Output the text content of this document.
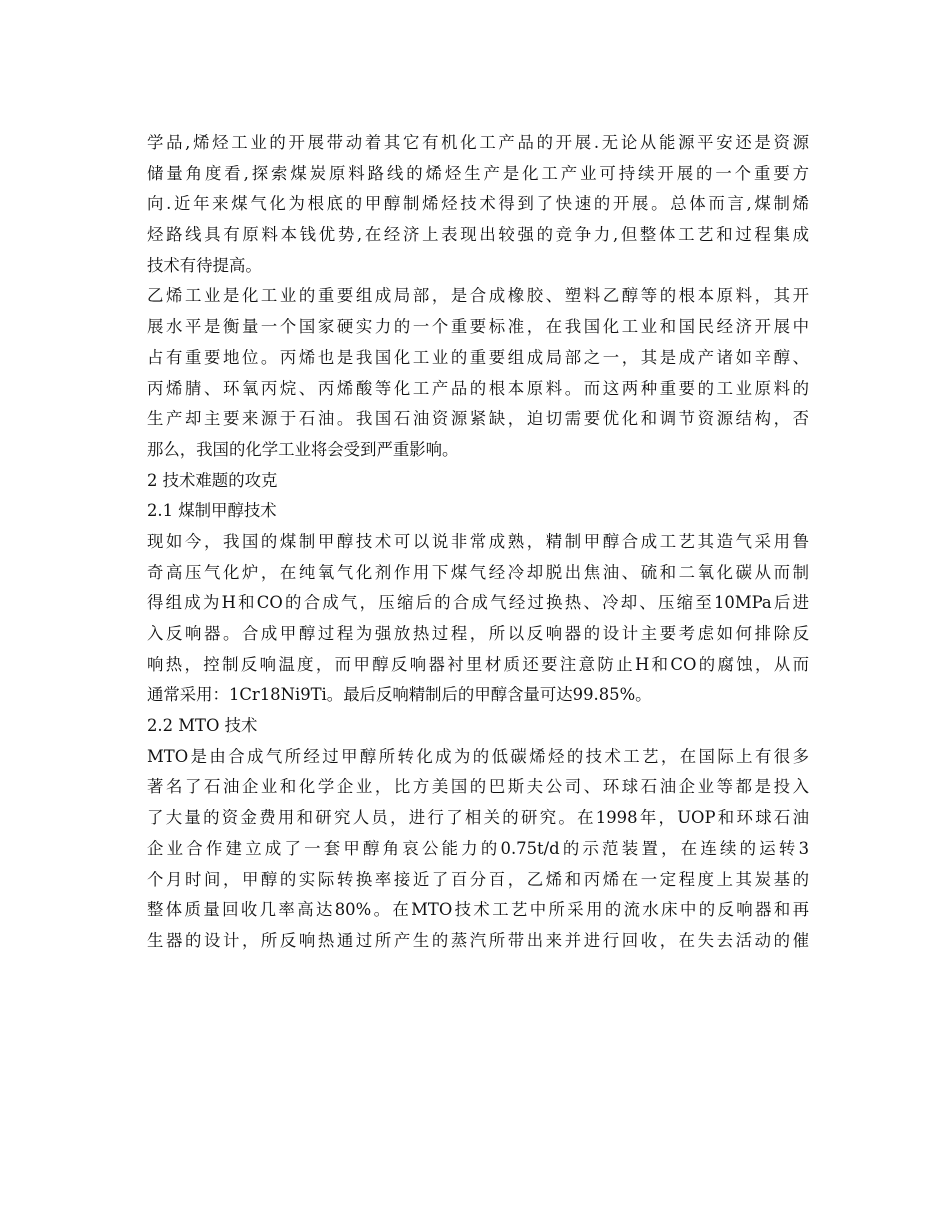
学品,烯烃工业的开展带动着其它有机化工产品的开展.无论从能源平安还是资源
储量角度看,探索煤炭原料路线的烯烃生产是化工产业可持续开展的一个重要方
向.近年来煤气化为根底的甲醇制烯烃技术得到了快速的开展。总体而言,煤制烯
烃路线具有原料本钱优势,在经济上表现出较强的竞争力,但整体工艺和过程集成
技术有待提高。
乙烯工业是化工业的重要组成局部，是合成橡胶、塑料乙醇等的根本原料，其开
展水平是衡量一个国家硬实力的一个重要标准，在我国化工业和国民经济开展中
占有重要地位。丙烯也是我国化工业的重要组成局部之一，其是成产诸如辛醇、
丙烯腈、环氧丙烷、丙烯酸等化工产品的根本原料。而这两种重要的工业原料的
生产却主要来源于石油。我国石油资源紧缺，迫切需要优化和调节资源结构，否
那么，我国的化学工业将会受到严重影响。
2 技术难题的攻克
2.1 煤制甲醇技术
现如今，我国的煤制甲醇技术可以说非常成熟，精制甲醇合成工艺其造气采用鲁
奇高压气化炉，在纯氧气化剂作用下煤气经冷却脱出焦油、硫和二氧化碳从而制
得组成为H和CO的合成气，压缩后的合成气经过换热、冷却、压缩至10MPa后进
入反响器。合成甲醇过程为强放热过程，所以反响器的设计主要考虑如何排除反
响热，控制反响温度，而甲醇反响器衬里材质还要注意防止H和CO的腐蚀，从而
通常采用：1Cr18Ni9Ti。最后反响精制后的甲醇含量可达99.85%。
2.2 MTO 技术
MTO是由合成气所经过甲醇所转化成为的低碳烯烃的技术工艺，在国际上有很多
著名了石油企业和化学企业，比方美国的巴斯夫公司、环球石油企业等都是投入
了大量的资金费用和研究人员，进行了相关的研究。在1998年，UOP和环球石油
企业合作建立成了一套甲醇角哀公能力的0.75t/d的示范装置，在连续的运转3
个月时间，甲醇的实际转换率接近了百分百，乙烯和丙烯在一定程度上其炭基的
整体质量回收几率高达80%。在MTO技术工艺中所采用的流水床中的反响器和再
生器的设计，所反响热通过所产生的蒸汽所带出来并进行回收，在失去活动的催
